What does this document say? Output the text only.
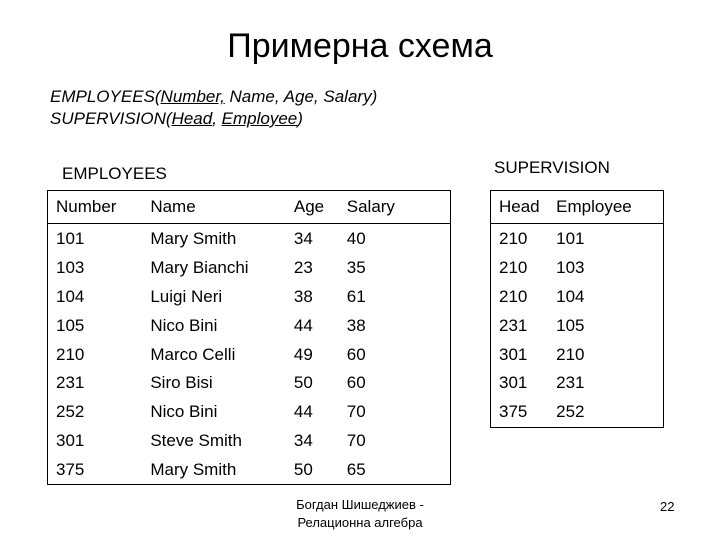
Примерна схема
EMPLOYEES(Number, Name, Age, Salary)
SUPERVISION(Head, Employee)
EMPLOYEES	SUPERVISION
Number	Name	Age	Salary
101	Mary Smith	34	40
103	Mary Bianchi	23	35
104	Luigi Neri	38	61
105	Nico Bini	44	38
210	Marco Celli	49	60
231	Siro Bisi	50	60
252	Nico Bini	44	70
301	Steve Smith	34	70
375	Mary Smith	50	65
Head	Employee
210	101
210	103
210	104
231	105
301	210
301	231
375	252
Богдан Шишеджиев -
Релационна алгебра
22
